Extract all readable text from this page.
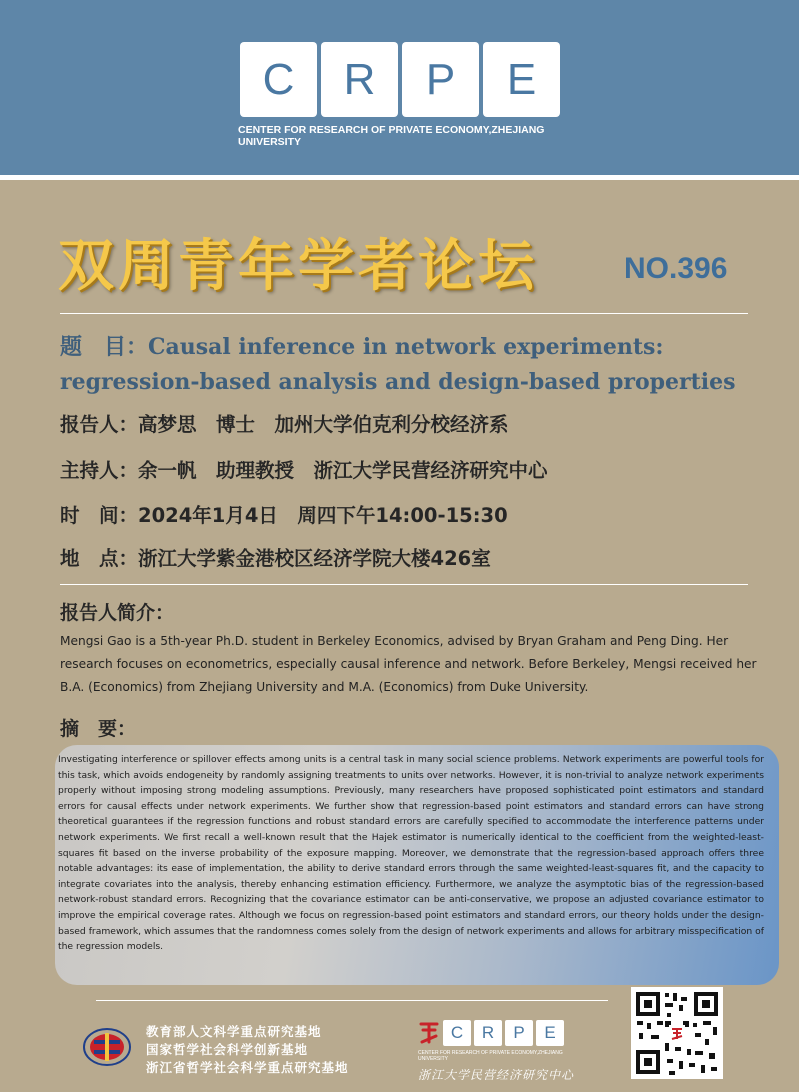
C	R	P	E
CENTER FOR RESEARCH OF PRIVATE ECONOMY,ZHEJIANG UNIVERSITY
双周青年学者论坛	NO.396
题　目：Causal inference in network experiments: regression-based analysis and design-based properties
报告人：高梦思　博士　加州大学伯克利分校经济系
主持人：余一帆　助理教授　浙江大学民营经济研究中心
时　间：2024年1月4日　周四下午14:00-15:30
地　点：浙江大学紫金港校区经济学院大楼426室
报告人简介：
Mengsi Gao is a 5th-year Ph.D. student in Berkeley Economics, advised by Bryan Graham and Peng Ding. Her research focuses on econometrics, especially causal inference and network. Before Berkeley, Mengsi received her B.A. (Economics) from Zhejiang University and M.A. (Economics) from Duke University.
摘　要：
Investigating interference or spillover effects among units is a central task in many social science problems. Network experiments are powerful tools for this task, which avoids endogeneity by randomly assigning treatments to units over networks. However, it is non-trivial to analyze network experiments properly without imposing strong modeling assumptions. Previously, many researchers have proposed sophisticated point estimators and standard errors for causal effects under network experiments. We further show that regression-based point estimators and standard errors can have strong theoretical guarantees if the regression functions and robust standard errors are carefully specified to accommodate the interference patterns under network experiments. We first recall a well-known result that the Hajek estimator is numerically identical to the coefficient from the weighted-least-squares fit based on the inverse probability of the exposure mapping. Moreover, we demonstrate that the regression-based approach offers three notable advantages: its ease of implementation, the ability to derive standard errors through the same weighted-least-squares fit, and the capacity to integrate covariates into the analysis, thereby enhancing estimation efficiency. Furthermore, we analyze the asymptotic bias of the regression-based network-robust standard errors. Recognizing that the covariance estimator can be anti-conservative, we propose an adjusted covariance estimator to improve the empirical coverage rates. Although we focus on regression-based point estimators and standard errors, our theory holds under the design-based framework, which assumes that the randomness comes solely from the design of network experiments and allows for arbitrary misspecification of the regression models.
教育部人文科学重点研究基地
国家哲学社会科学创新基地
浙江省哲学社会科学重点研究基地
C	R	P	E
CENTER FOR RESEARCH OF PRIVATE ECONOMY,ZHEJIANG UNIVERSITY
浙江大学民营经济研究中心
